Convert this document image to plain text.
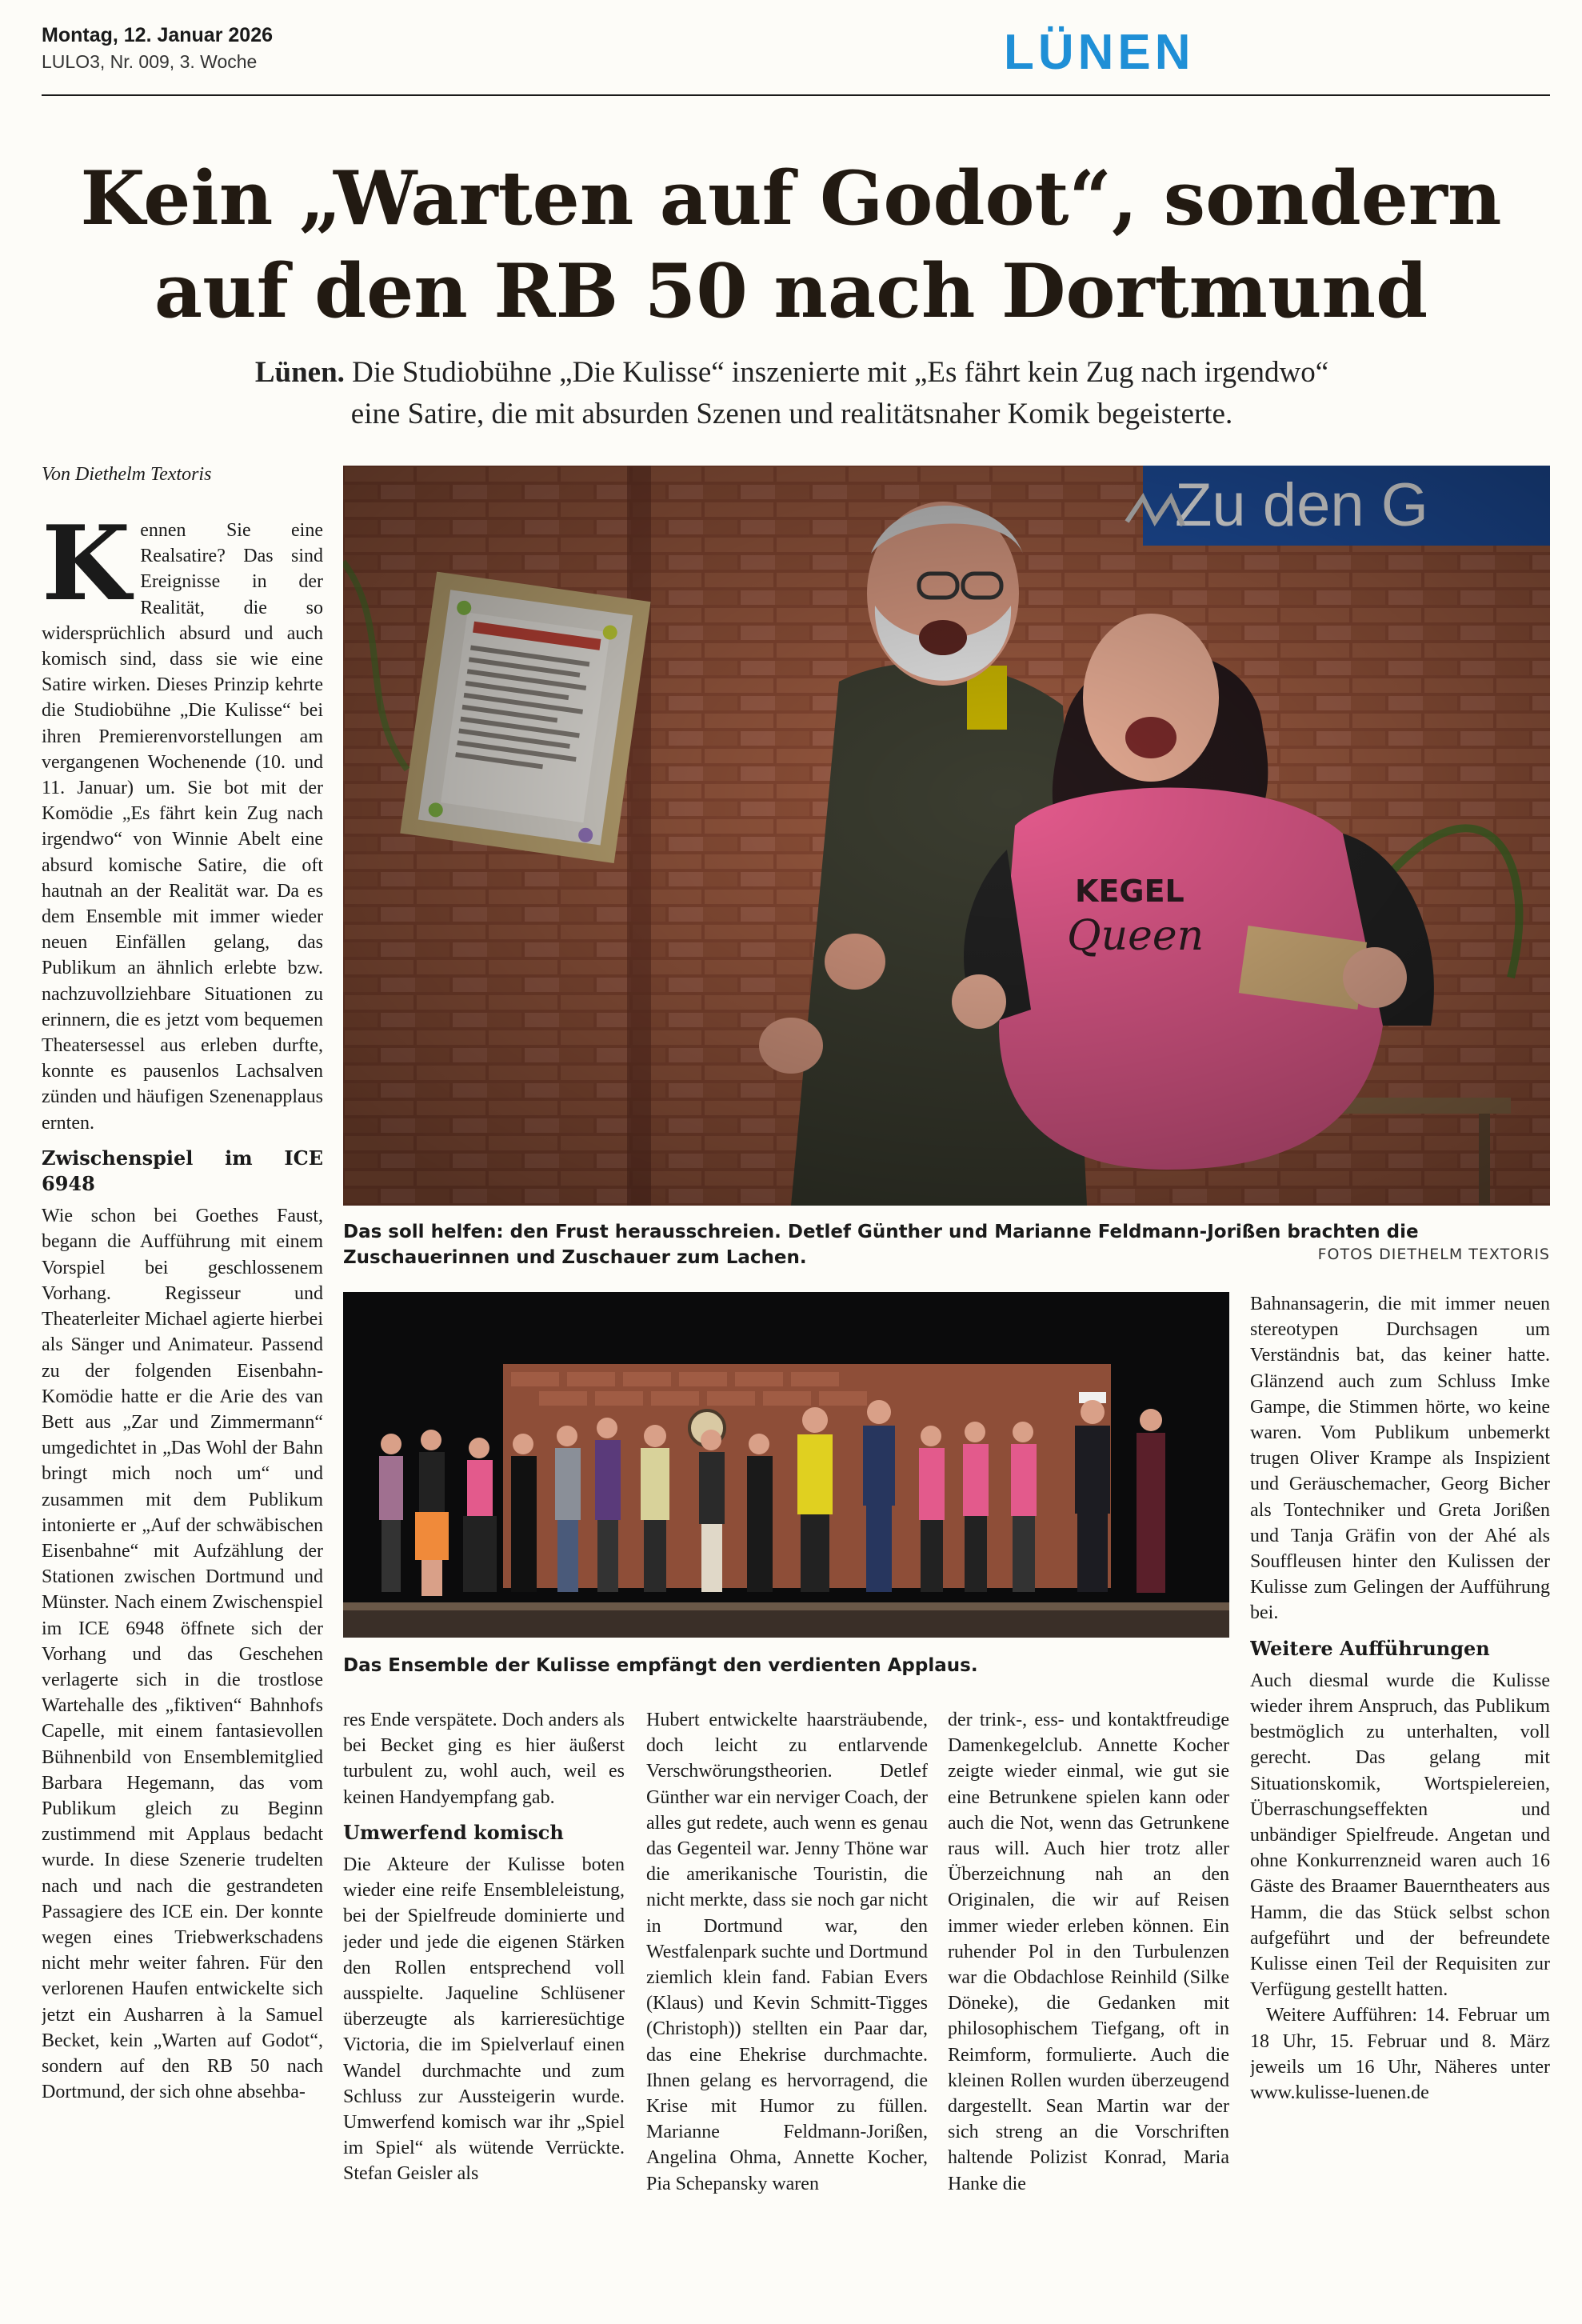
Montag, 12. Januar 2026
LULO3, Nr. 009, 3. Woche	LÜNEN
Kein „Warten auf Godot“, sondern
auf den RB 50 nach Dortmund
Lünen. Die Studiobühne „Die Kulisse“ inszenierte mit „Es fährt kein Zug nach irgendwo“
eine Satire, die mit absurden Szenen und realitätsnaher Komik begeisterte.
Von Diethelm Textoris

Kennen Sie eine Realsatire? Das sind Ereignisse in der Realität, die so widersprüchlich absurd und auch komisch sind, dass sie wie eine Satire wirken. Dieses Prinzip kehrte die Studiobühne „Die Kulisse“ bei ihren Premierenvorstellungen am vergangenen Wochenende (10. und 11. Januar) um. Sie bot mit der Komödie „Es fährt kein Zug nach irgendwo“ von Winnie Abelt eine absurd komische Satire, die oft hautnah an der Realität war. Da es dem Ensemble mit immer wieder neuen Einfällen gelang, das Publikum an ähnlich erlebte bzw. nachzuvollziehbare Situationen zu erinnern, die es jetzt vom bequemen Theatersessel aus erleben durfte, konnte es pausenlos Lachsalven zünden und häufigen Szenenapplaus ernten.

Zwischenspiel im ICE 6948

Wie schon bei Goethes Faust, begann die Aufführung mit einem Vorspiel bei geschlossenem Vorhang. Regisseur und Theaterleiter Michael agierte hierbei als Sänger und Animateur. Passend zu der folgenden Eisenbahn-Komödie hatte er die Arie des van Bett aus „Zar und Zimmermann“ umgedichtet in „Das Wohl der Bahn bringt mich noch um“ und zusammen mit dem Publikum intonierte er „Auf der schwäbischen Eisenbahne“ mit Aufzählung der Stationen zwischen Dortmund und Münster. Nach einem Zwischenspiel im ICE 6948 öffnete sich der Vorhang und das Geschehen verlagerte sich in die trostlose Wartehalle des „fiktiven“ Bahnhofs Capelle, mit einem fantasievollen Bühnenbild von Ensemblemitglied Barbara Hegemann, das vom Publikum gleich zu Beginn zustimmend mit Applaus bedacht wurde. In diese Szenerie trudelten nach und nach die gestrandeten Passagiere des ICE ein. Der konnte wegen eines Triebwerkschadens nicht mehr weiter fahren. Für den verlorenen Haufen entwickelte sich jetzt ein Ausharren à la Samuel Becket, kein „Warten auf Godot“, sondern auf den RB 50 nach Dortmund, der sich ohne absehba-

Das soll helfen: den Frust herausschreien. Detlef Günther und Marianne Feldmann-Jorißen brachten die Zuschauerinnen und Zuschauer zum Lachen.	FOTOS DIETHELM TEXTORIS
Das Ensemble der Kulisse empfängt den verdienten Applaus.

Bahnansagerin, die mit immer neuen stereotypen Durchsagen um Verständnis bat, das keiner hatte. Glänzend auch zum Schluss Imke Gampe, die Stimmen hörte, wo keine waren. Vom Publikum unbemerkt trugen Oliver Krampe als Inspizient und Geräuschemacher, Georg Bicher als Tontechniker und Greta Jorißen und Tanja Gräfin von der Ahé als Souffleusen hinter den Kulissen der Kulisse zum Gelingen der Aufführung bei.

Weitere Aufführungen

Auch diesmal wurde die Kulisse wieder ihrem Anspruch, das Publikum bestmöglich zu unterhalten, voll gerecht. Das gelang mit Situationskomik, Wortspielereien, Überraschungseffekten und unbändiger Spielfreude. Angetan und ohne Konkurrenzneid waren auch 16 Gäste des Braamer Bauerntheaters aus Hamm, die das Stück selbst schon aufgeführt und der befreundete Kulisse einen Teil der Requisiten zur Verfügung gestellt hatten.

Weitere Aufführen: 14. Februar um 18 Uhr, 15. Februar und 8. März jeweils um 16 Uhr, Näheres unter www.kulisse-luenen.de

res Ende verspätete. Doch anders als bei Becket ging es hier äußerst turbulent zu, wohl auch, weil es keinen Handyempfang gab.

Umwerfend komisch

Die Akteure der Kulisse boten wieder eine reife Ensembleleistung, bei der Spielfreude dominierte und jeder und jede die eigenen Stärken den Rollen entsprechend voll ausspielte. Jaqueline Schlüsener überzeugte als karrieresüchtige Victoria, die im Spielverlauf einen Wandel durchmachte und zum Schluss zur Aussteigerin wurde. Umwerfend komisch war ihr „Spiel im Spiel“ als wütende Verrückte. Stefan Geisler als

Hubert entwickelte haarsträubende, doch leicht zu entlarvende Verschwörungstheorien. Detlef Günther war ein nerviger Coach, der alles gut redete, auch wenn es genau das Gegenteil war. Jenny Thöne war die amerikanische Touristin, die nicht merkte, dass sie noch gar nicht in Dortmund war, den Westfalenpark suchte und Dortmund ziemlich klein fand. Fabian Evers (Klaus) und Kevin Schmitt-Tigges (Christoph)) stellten ein Paar dar, das eine Ehekrise durchmachte. Ihnen gelang es hervorragend, die Krise mit Humor zu füllen. Marianne Feldmann-Jorißen, Angelina Ohma, Annette Kocher, Pia Schepansky waren

der trink-, ess- und kontaktfreudige Damenkegelclub. Annette Kocher zeigte wieder einmal, wie gut sie eine Betrunkene spielen kann oder auch die Not, wenn das Getrunkene raus will. Auch hier trotz aller Überzeichnung nah an den Originalen, die wir auf Reisen immer wieder erleben können. Ein ruhender Pol in den Turbulenzen war die Obdachlose Reinhild (Silke Dönekе), die Gedanken mit philosophischem Tiefgang, oft in Reimform, formulierte. Auch die kleinen Rollen wurden überzeugend dargestellt. Sean Martin war der sich streng an die Vorschriften haltende Polizist Konrad, Maria Hanke die
